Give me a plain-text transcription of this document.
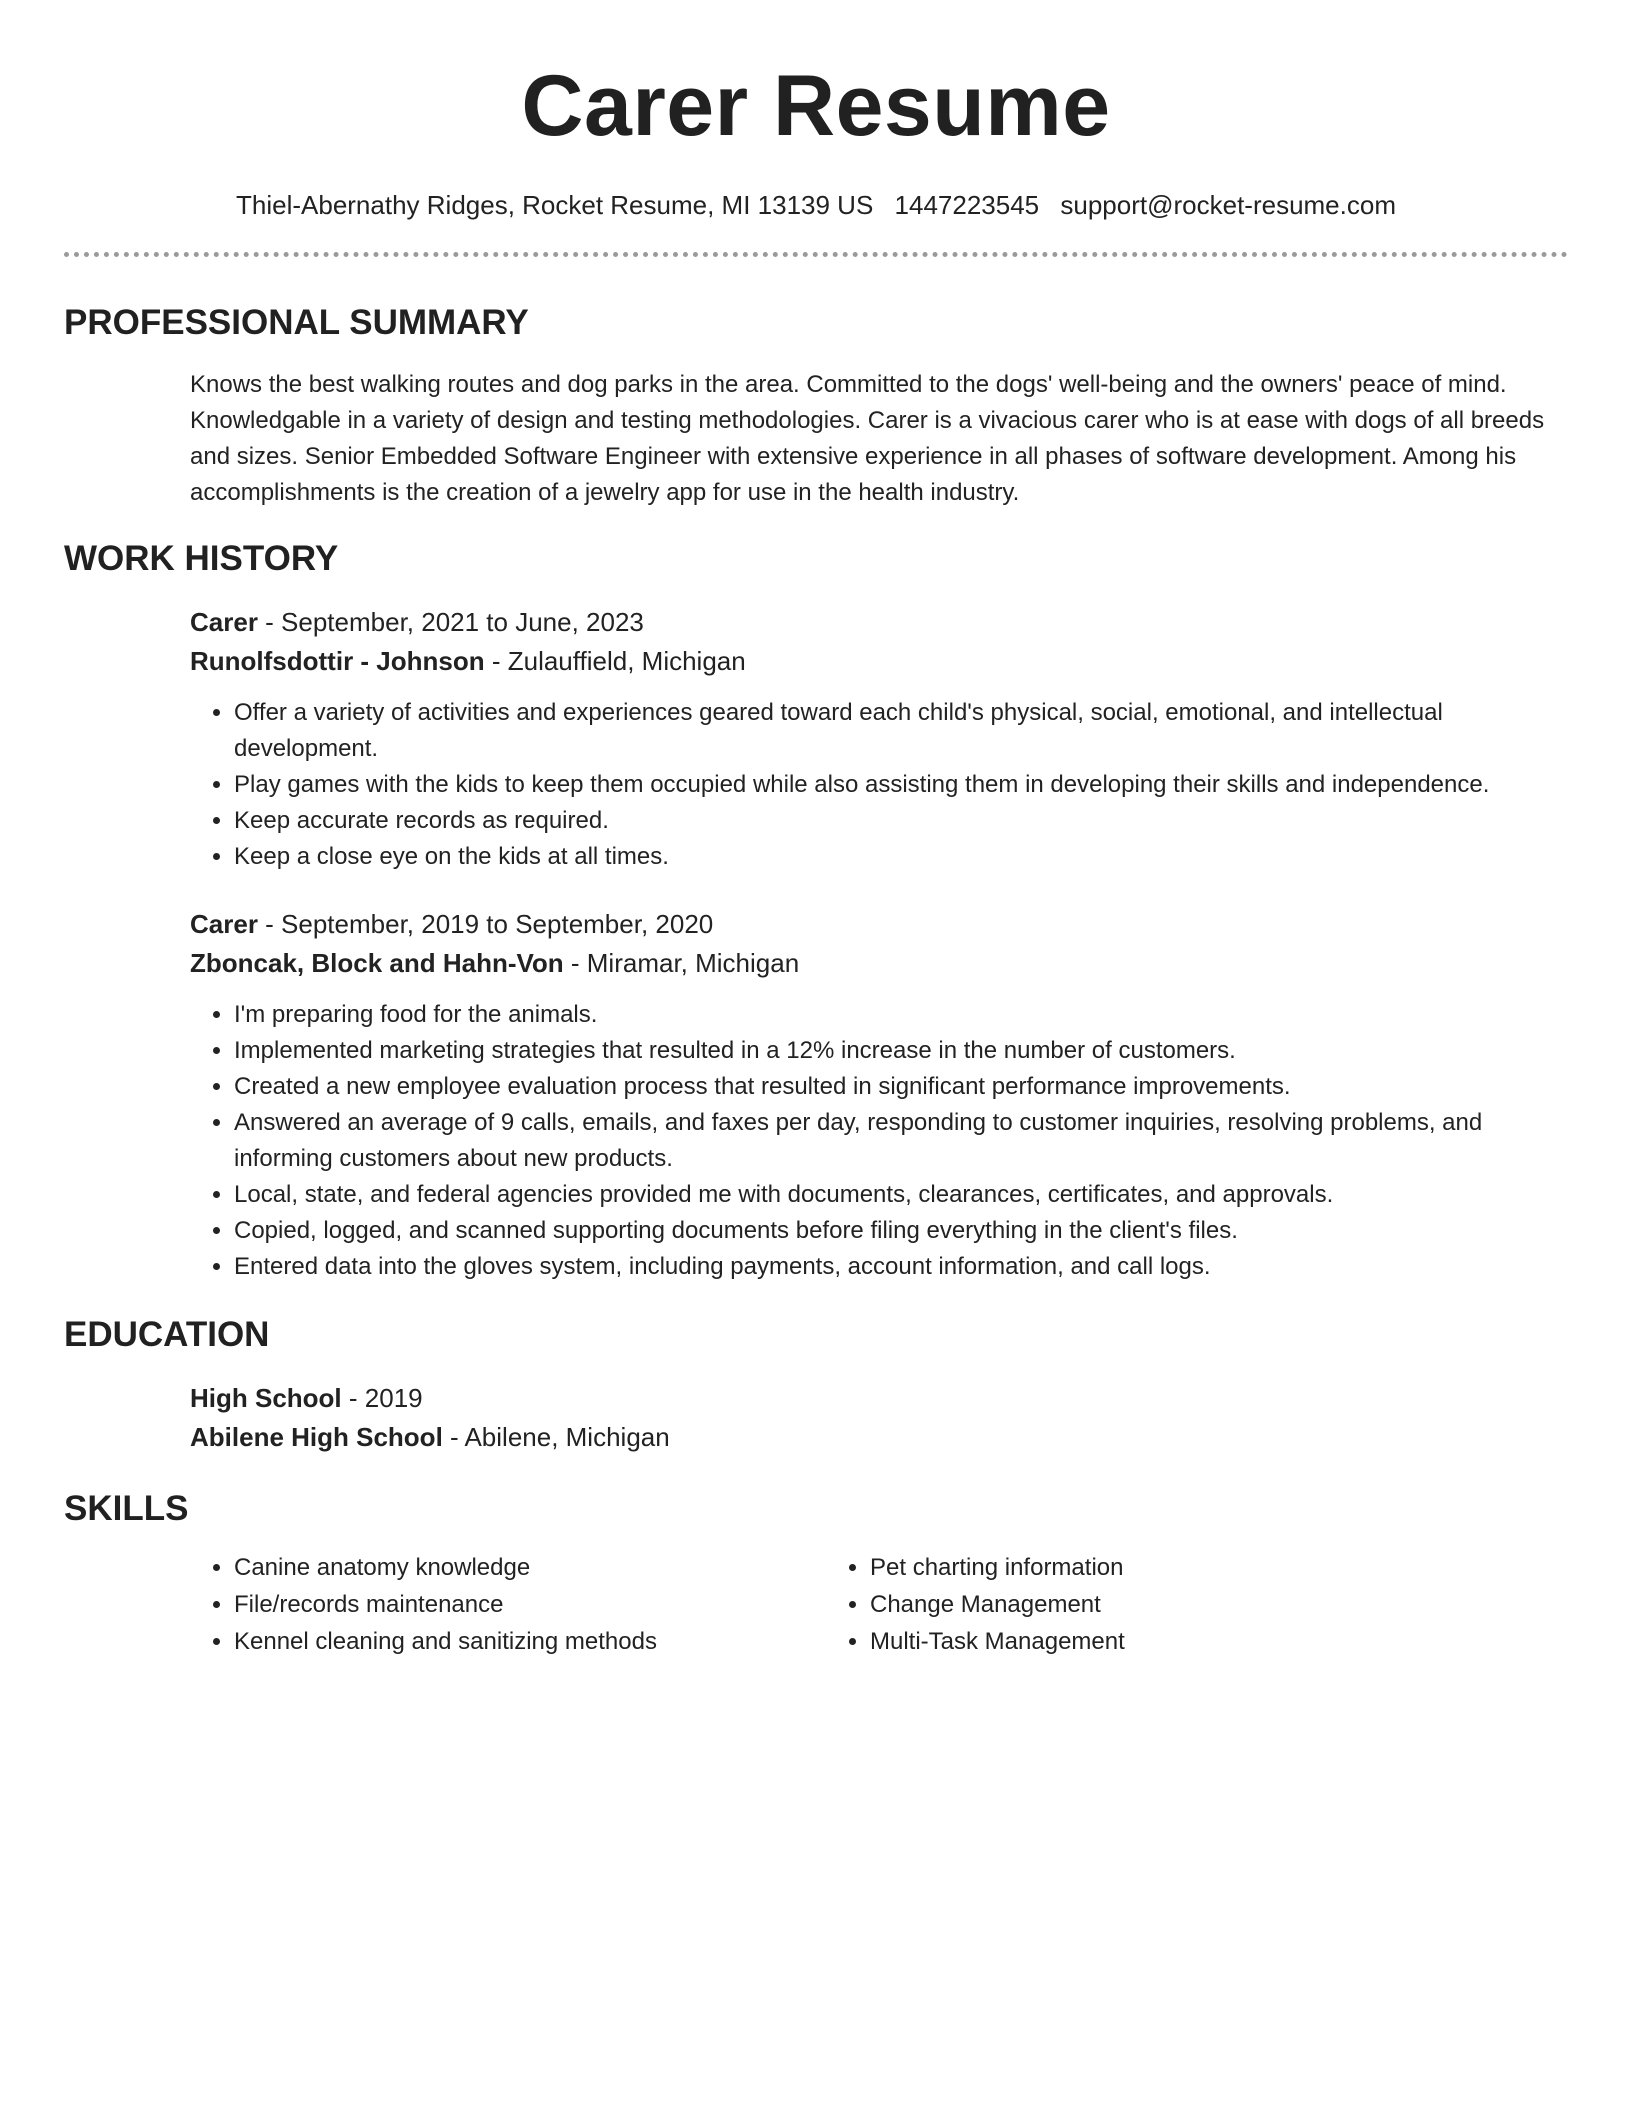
Carer Resume
Thiel-Abernathy Ridges, Rocket Resume, MI 13139 US 1447223545 support@rocket-resume.com
PROFESSIONAL SUMMARY
Knows the best walking routes and dog parks in the area. Committed to the dogs' well-being and the owners' peace of mind. Knowledgable in a variety of design and testing methodologies. Carer is a vivacious carer who is at ease with dogs of all breeds and sizes. Senior Embedded Software Engineer with extensive experience in all phases of software development. Among his accomplishments is the creation of a jewelry app for use in the health industry.
WORK HISTORY
Carer - September, 2021 to June, 2023
Runolfsdottir - Johnson - Zulauffield, Michigan
• Offer a variety of activities and experiences geared toward each child's physical, social, emotional, and intellectual development.
• Play games with the kids to keep them occupied while also assisting them in developing their skills and independence.
• Keep accurate records as required.
• Keep a close eye on the kids at all times.
Carer - September, 2019 to September, 2020
Zboncak, Block and Hahn-Von - Miramar, Michigan
• I'm preparing food for the animals.
• Implemented marketing strategies that resulted in a 12% increase in the number of customers.
• Created a new employee evaluation process that resulted in significant performance improvements.
• Answered an average of 9 calls, emails, and faxes per day, responding to customer inquiries, resolving problems, and informing customers about new products.
• Local, state, and federal agencies provided me with documents, clearances, certificates, and approvals.
• Copied, logged, and scanned supporting documents before filing everything in the client's files.
• Entered data into the gloves system, including payments, account information, and call logs.
EDUCATION
High School - 2019
Abilene High School - Abilene, Michigan
SKILLS
• Canine anatomy knowledge
• File/records maintenance
• Kennel cleaning and sanitizing methods
• Pet charting information
• Change Management
• Multi-Task Management
